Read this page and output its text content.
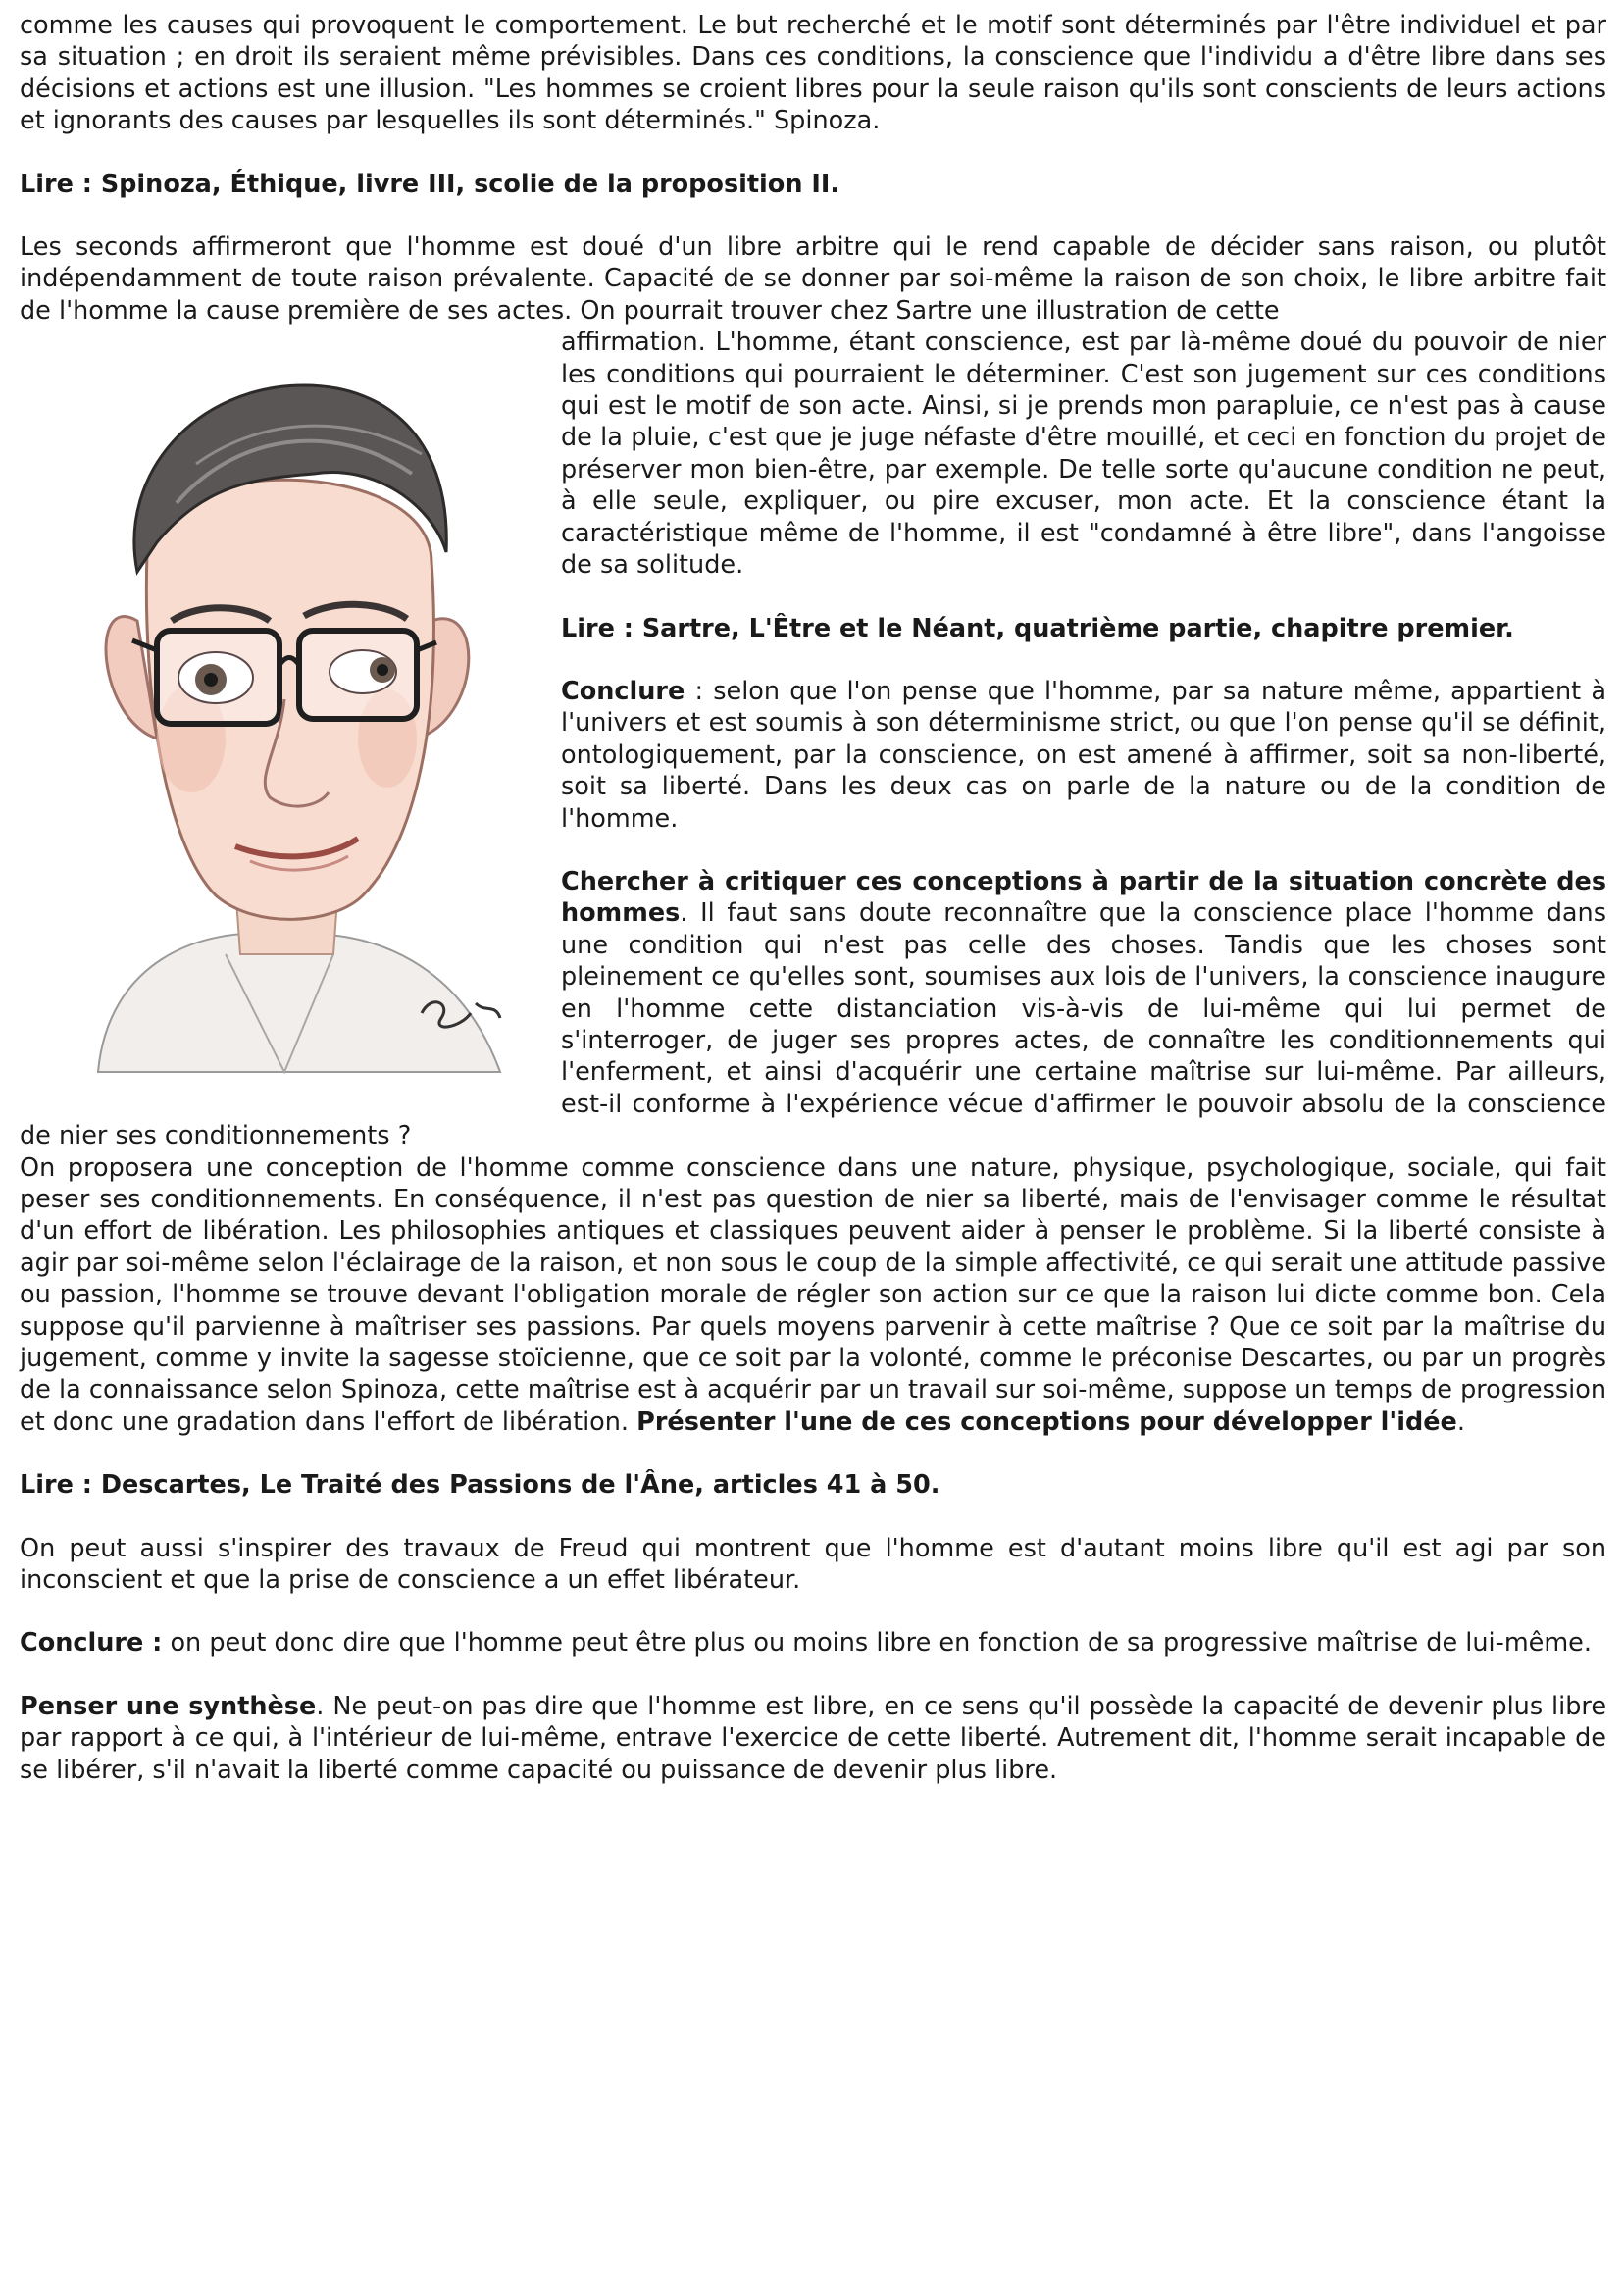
comme les causes qui provoquent le comportement. Le but recherché et le motif sont déterminés par l'être individuel et par sa situation ; en droit ils seraient même prévisibles. Dans ces conditions, la conscience que l'individu a d'être libre dans ses décisions et actions est une illusion. "Les hommes se croient libres pour la seule raison qu'ils sont conscients de leurs actions et ignorants des causes par lesquelles ils sont déterminés." Spinoza.

Lire : Spinoza, Éthique, livre III, scolie de la proposition II.

Les seconds affirmeront que l'homme est doué d'un libre arbitre qui le rend capable de décider sans raison, ou plutôt indépendamment de toute raison prévalente. Capacité de se donner par soi-même la raison de son choix, le libre arbitre fait de l'homme la cause première de ses actes. On pourrait trouver chez Sartre une illustration de cette

affirmation. L'homme, étant conscience, est par là-même doué du pouvoir de nier les conditions qui pourraient le déterminer. C'est son jugement sur ces conditions qui est le motif de son acte. Ainsi, si je prends mon parapluie, ce n'est pas à cause de la pluie, c'est que je juge néfaste d'être mouillé, et ceci en fonction du projet de préserver mon bien-être, par exemple. De telle sorte qu'aucune condition ne peut, à elle seule, expliquer, ou pire excuser, mon acte. Et la conscience étant la caractéristique même de l'homme, il est "condamné à être libre", dans l'angoisse de sa solitude.

Lire : Sartre, L'Être et le Néant, quatrième partie, chapitre premier.

Conclure : selon que l'on pense que l'homme, par sa nature même, appartient à l'univers et est soumis à son déterminisme strict, ou que l'on pense qu'il se définit, ontologiquement, par la conscience, on est amené à affirmer, soit sa non-liberté, soit sa liberté. Dans les deux cas on parle de la nature ou de la condition de l'homme.

Chercher à critiquer ces conceptions à partir de la situation concrète des hommes. Il faut sans doute reconnaître que la conscience place l'homme dans une condition qui n'est pas celle des choses. Tandis que les choses sont pleinement ce qu'elles sont, soumises aux lois de l'univers, la conscience inaugure en l'homme cette distanciation vis-à-vis de lui-même qui lui permet de s'interroger, de juger ses propres actes, de connaître les conditionnements qui l'enferment, et ainsi d'acquérir une certaine maîtrise sur lui-même. Par ailleurs, est-il conforme à l'expérience vécue d'affirmer le pouvoir absolu de la conscience de nier ses conditionnements ?

On proposera une conception de l'homme comme conscience dans une nature, physique, psychologique, sociale, qui fait peser ses conditionnements. En conséquence, il n'est pas question de nier sa liberté, mais de l'envisager comme le résultat d'un effort de libération. Les philosophies antiques et classiques peuvent aider à penser le problème. Si la liberté consiste à agir par soi-même selon l'éclairage de la raison, et non sous le coup de la simple affectivité, ce qui serait une attitude passive ou passion, l'homme se trouve devant l'obligation morale de régler son action sur ce que la raison lui dicte comme bon. Cela suppose qu'il parvienne à maîtriser ses passions. Par quels moyens parvenir à cette maîtrise ? Que ce soit par la maîtrise du jugement, comme y invite la sagesse stoïcienne, que ce soit par la volonté, comme le préconise Descartes, ou par un progrès de la connaissance selon Spinoza, cette maîtrise est à acquérir par un travail sur soi-même, suppose un temps de progression et donc une gradation dans l'effort de libération. Présenter l'une de ces conceptions pour développer l'idée.

Lire : Descartes, Le Traité des Passions de l'Âne, articles 41 à 50.

On peut aussi s'inspirer des travaux de Freud qui montrent que l'homme est d'autant moins libre qu'il est agi par son inconscient et que la prise de conscience a un effet libérateur.

Conclure : on peut donc dire que l'homme peut être plus ou moins libre en fonction de sa progressive maîtrise de lui-même.

Penser une synthèse. Ne peut-on pas dire que l'homme est libre, en ce sens qu'il possède la capacité de devenir plus libre par rapport à ce qui, à l'intérieur de lui-même, entrave l'exercice de cette liberté. Autrement dit, l'homme serait incapable de se libérer, s'il n'avait la liberté comme capacité ou puissance de devenir plus libre.
